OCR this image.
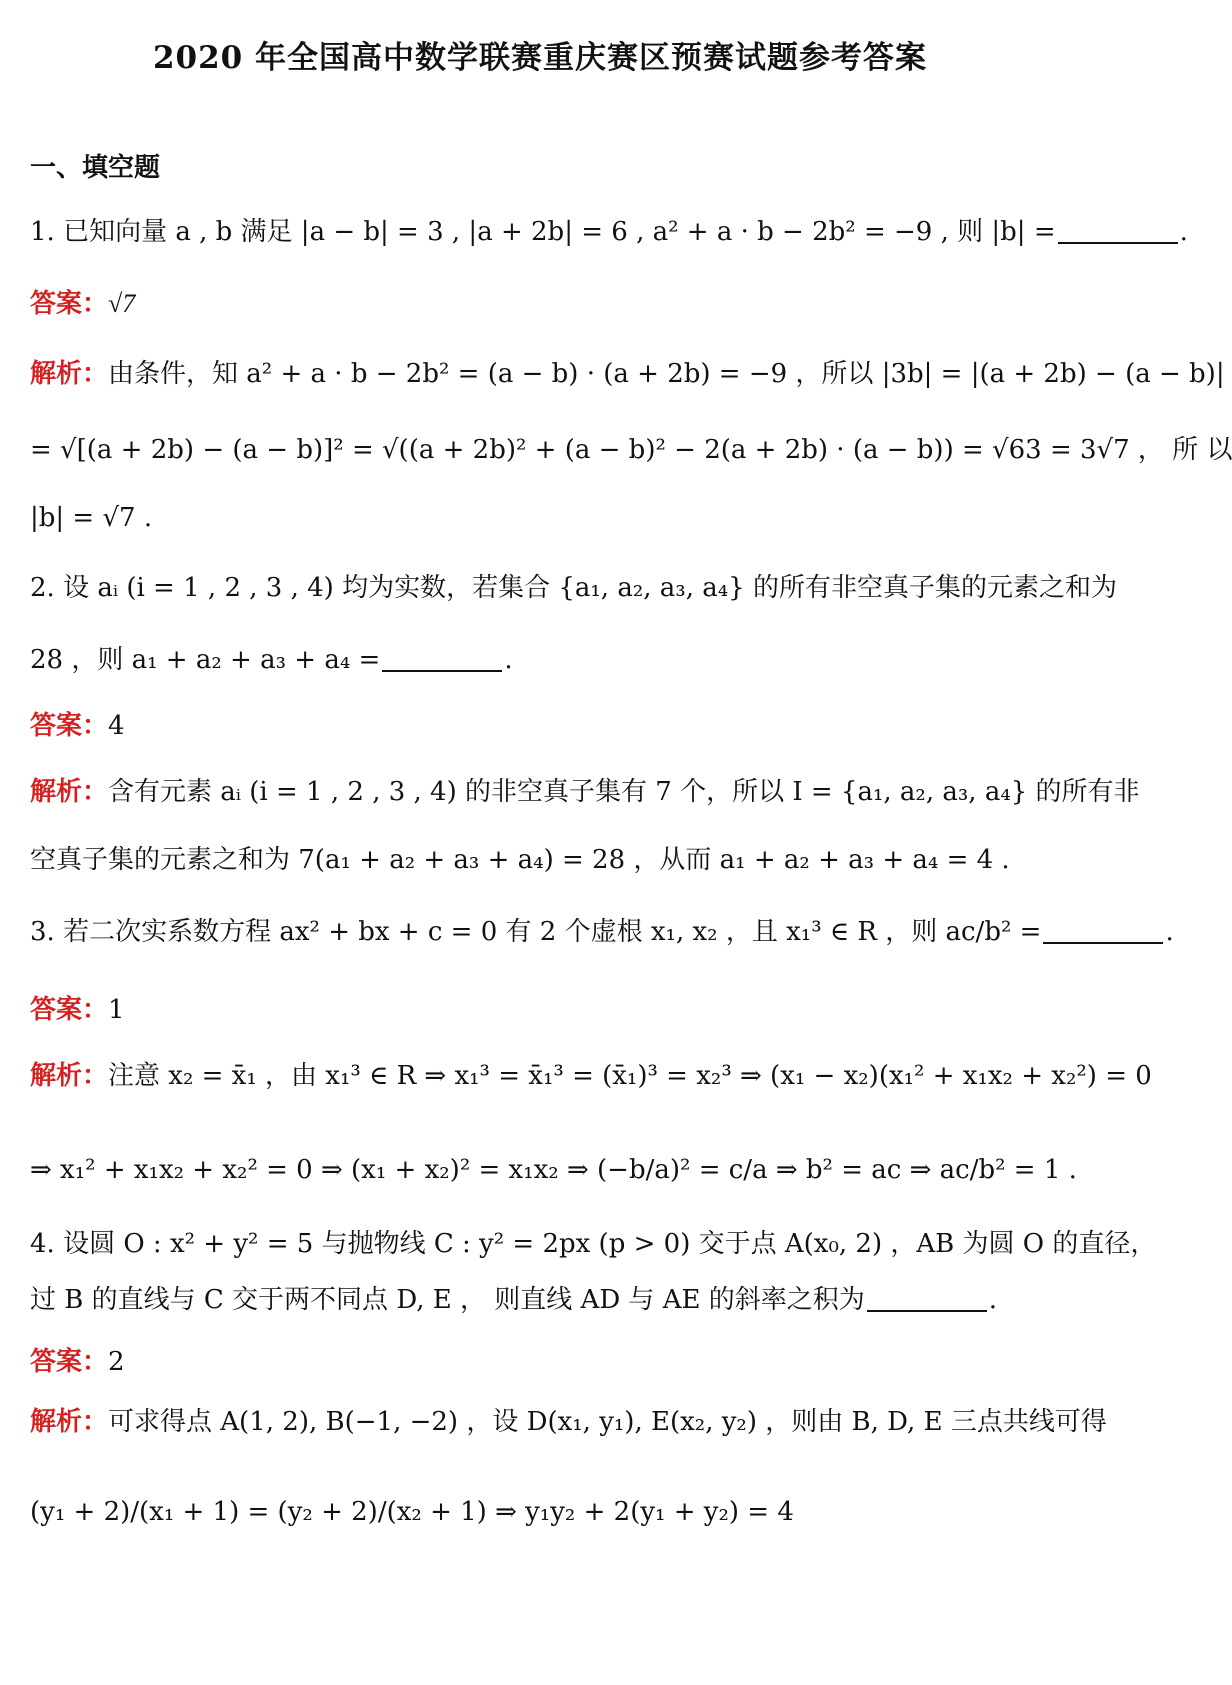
2020 年全国高中数学联赛重庆赛区预赛试题参考答案
一、填空题
1. 已知向量 a , b 满足 |a − b| = 3 , |a + 2b| = 6 , a² + a · b − 2b² = −9 , 则 |b| =	.
答案：√7
解析：由条件，知 a² + a · b − 2b² = (a − b) · (a + 2b) = −9 ，所以 |3b| = |(a + 2b) − (a − b)|
= √[(a + 2b) − (a − b)]² = √((a + 2b)² + (a − b)² − 2(a + 2b) · (a − b)) = √63 = 3√7 ， 所 以
|b| = √7 .
2. 设 aᵢ (i = 1 , 2 , 3 , 4) 均为实数，若集合 {a₁, a₂, a₃, a₄} 的所有非空真子集的元素之和为
28 ，则 a₁ + a₂ + a₃ + a₄ =	.
答案：4
解析：含有元素 aᵢ (i = 1 , 2 , 3 , 4) 的非空真子集有 7 个，所以 I = {a₁, a₂, a₃, a₄} 的所有非
空真子集的元素之和为 7(a₁ + a₂ + a₃ + a₄) = 28 ，从而 a₁ + a₂ + a₃ + a₄ = 4 .
3. 若二次实系数方程 ax² + bx + c = 0 有 2 个虚根 x₁, x₂ ，且 x₁³ ∈ R ，则 ac/b² =	.
答案：1
解析：注意 x₂ = x̄₁ ，由 x₁³ ∈ R ⇒ x₁³ = x̄₁³ = (x̄₁)³ = x₂³ ⇒ (x₁ − x₂)(x₁² + x₁x₂ + x₂²) = 0
⇒ x₁² + x₁x₂ + x₂² = 0 ⇒ (x₁ + x₂)² = x₁x₂ ⇒ (−b/a)² = c/a ⇒ b² = ac ⇒ ac/b² = 1 .
4. 设圆 O : x² + y² = 5 与抛物线 C : y² = 2px (p > 0) 交于点 A(x₀, 2) ，AB 为圆 O 的直径，
过 B 的直线与 C 交于两不同点 D, E ， 则直线 AD 与 AE 的斜率之积为	.
答案：2
解析：可求得点 A(1, 2), B(−1, −2) ，设 D(x₁, y₁), E(x₂, y₂) ，则由 B, D, E 三点共线可得
(y₁ + 2)/(x₁ + 1) = (y₂ + 2)/(x₂ + 1) ⇒ y₁y₂ + 2(y₁ + y₂) = 4
